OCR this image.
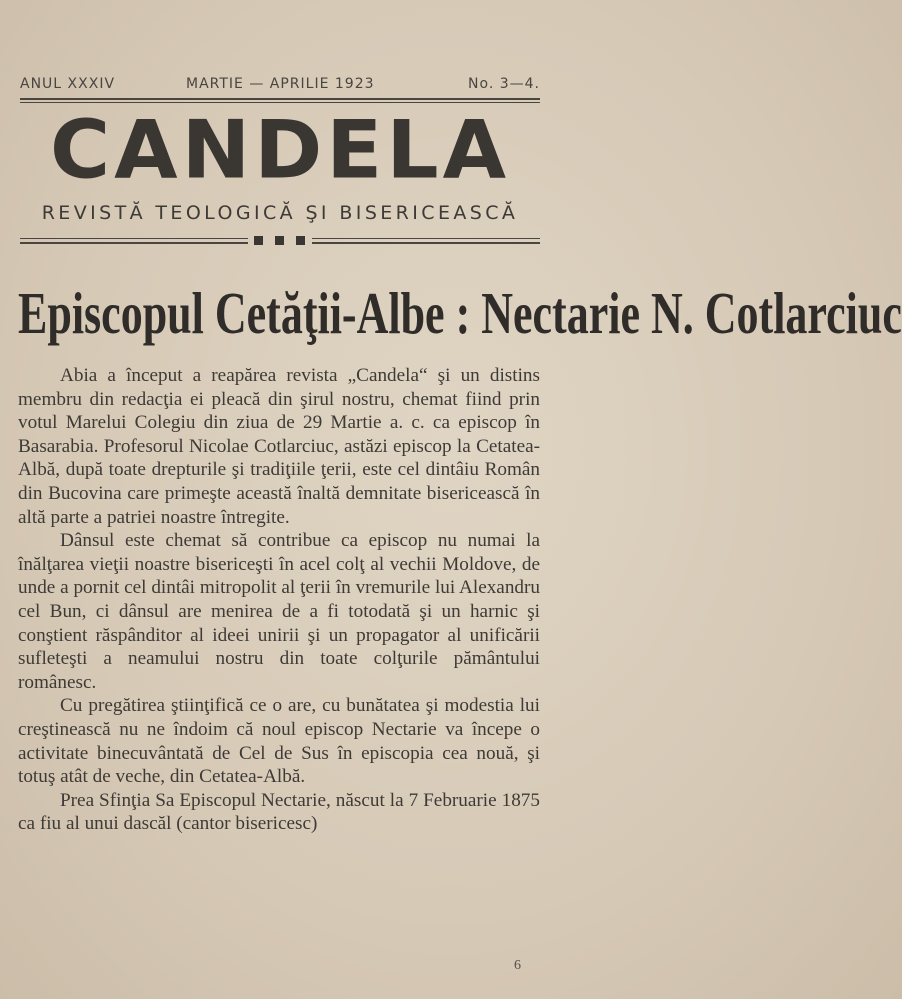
ANUL XXXIV	MARTIE — APRILIE 1923	No. 3—4.
CANDELA
REVISTĂ TEOLOGICĂ ŞI BISERICEASCĂ
Episcopul Cetăţii-Albe : Nectarie N. Cotlarciuc

Abia a început a reapărea revista „Candela“ şi un distins membru din redacţia ei pleacă din şirul nostru, chemat fiind prin votul Marelui Colegiu din ziua de 29 Martie a. c. ca episcop în Basarabia. Profesorul Nicolae Cotlarciuc, astăzi episcop la Cetatea-Albă, după toate drepturile şi tradiţiile ţerii, este cel dintâiu Român din Bucovina care primeşte această înaltă demnitate bisericească în altă parte a patriei noastre întregite.

Dânsul este chemat să contribue ca episcop nu numai la înălţarea vieţii noastre bisericeşti în acel colţ al vechii Moldove, de unde a pornit cel dintâi mitropolit al ţerii în vremurile lui Alexandru cel Bun, ci dânsul are menirea de a fi totodată şi un harnic şi conştient răspânditor al ideei unirii şi un propagator al unificării sufleteşti a neamului nostru din toate colţurile pământului românesc.

Cu pregătirea ştiinţifică ce o are, cu bunătatea şi modestia lui creştinească nu ne îndoim că noul episcop Nectarie va începe o activitate binecuvântată de Cel de Sus în episcopia cea nouă, şi totuş atât de veche, din Cetatea-Albă.

Prea Sfinţia Sa Episcopul Nectarie, născut la 7 Februarie 1875 ca fiu al unui dascăl (cantor bisericesc)

6
